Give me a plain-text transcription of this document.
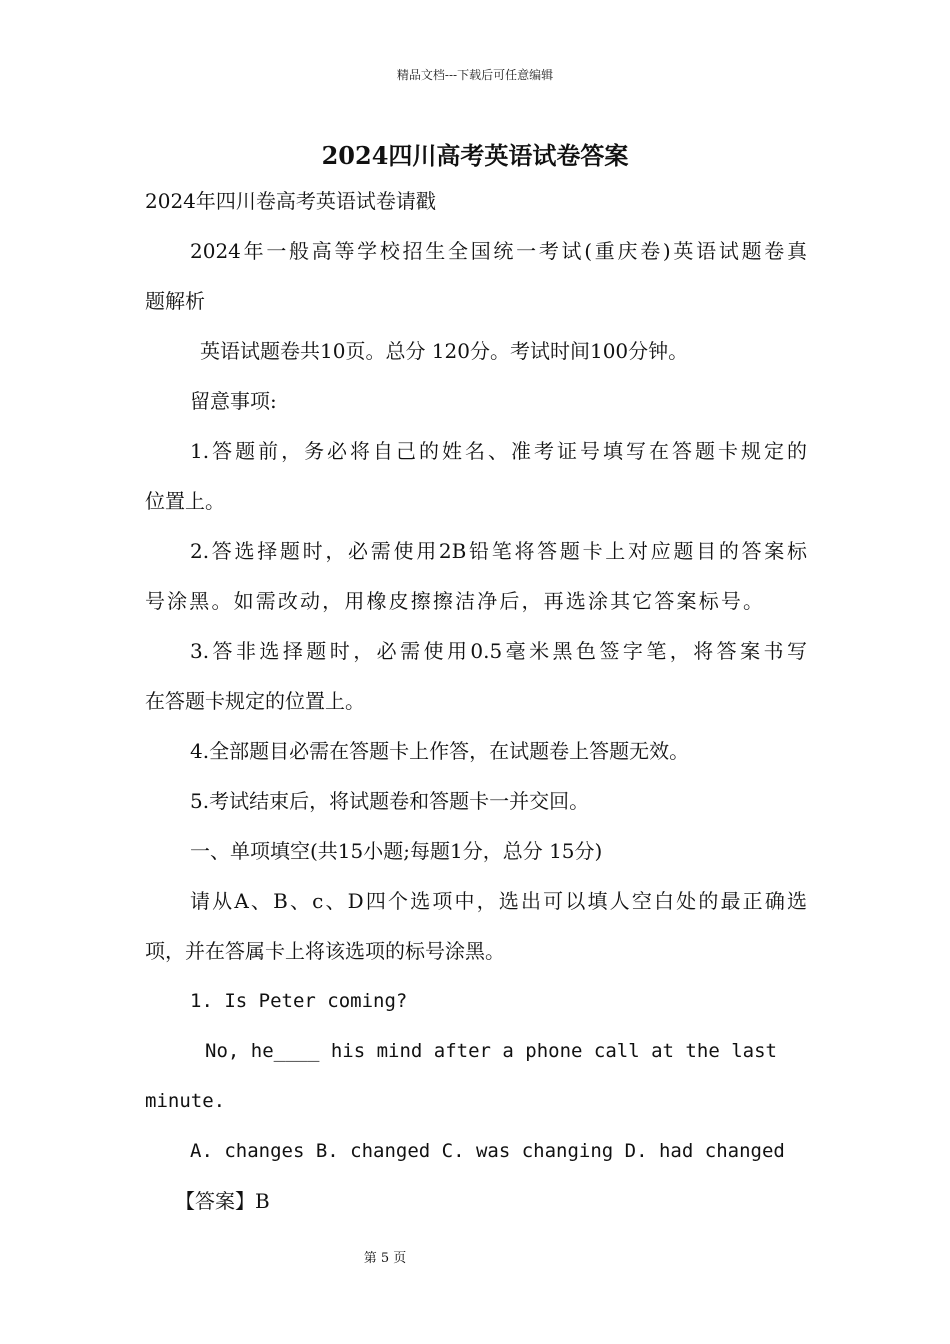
精品文档---下载后可任意编辑
2024四川高考英语试卷答案
2024年四川卷高考英语试卷请戳
2024年一般高等学校招生全国统一考试(重庆卷)英语试题卷真
题解析
英语试题卷共10页。总分 120分。考试时间100分钟。
留意事项:
1.答题前，务必将自己的姓名、准考证号填写在答题卡规定的
位置上。
2.答选择题时，必需使用2B铅笔将答题卡上对应题目的答案标
号涂黑。如需改动，用橡皮擦擦洁净后，再选涂其它答案标号。
3.答非选择题时，必需使用0.5毫米黑色签字笔，将答案书写
在答题卡规定的位置上。
4.全部题目必需在答题卡上作答，在试题卷上答题无效。
5.考试结束后，将试题卷和答题卡一并交回。
一、单项填空(共15小题;每题1分，总分 15分)
请从A、B、c、D四个选项中，选出可以填人空白处的最正确选
项，并在答属卡上将该选项的标号涂黑。
1. Is Peter coming?
No, he____ his mind after a phone call at the last
minute.
A. changes B. changed C. was changing D. had changed
【答案】B
第 5 页
